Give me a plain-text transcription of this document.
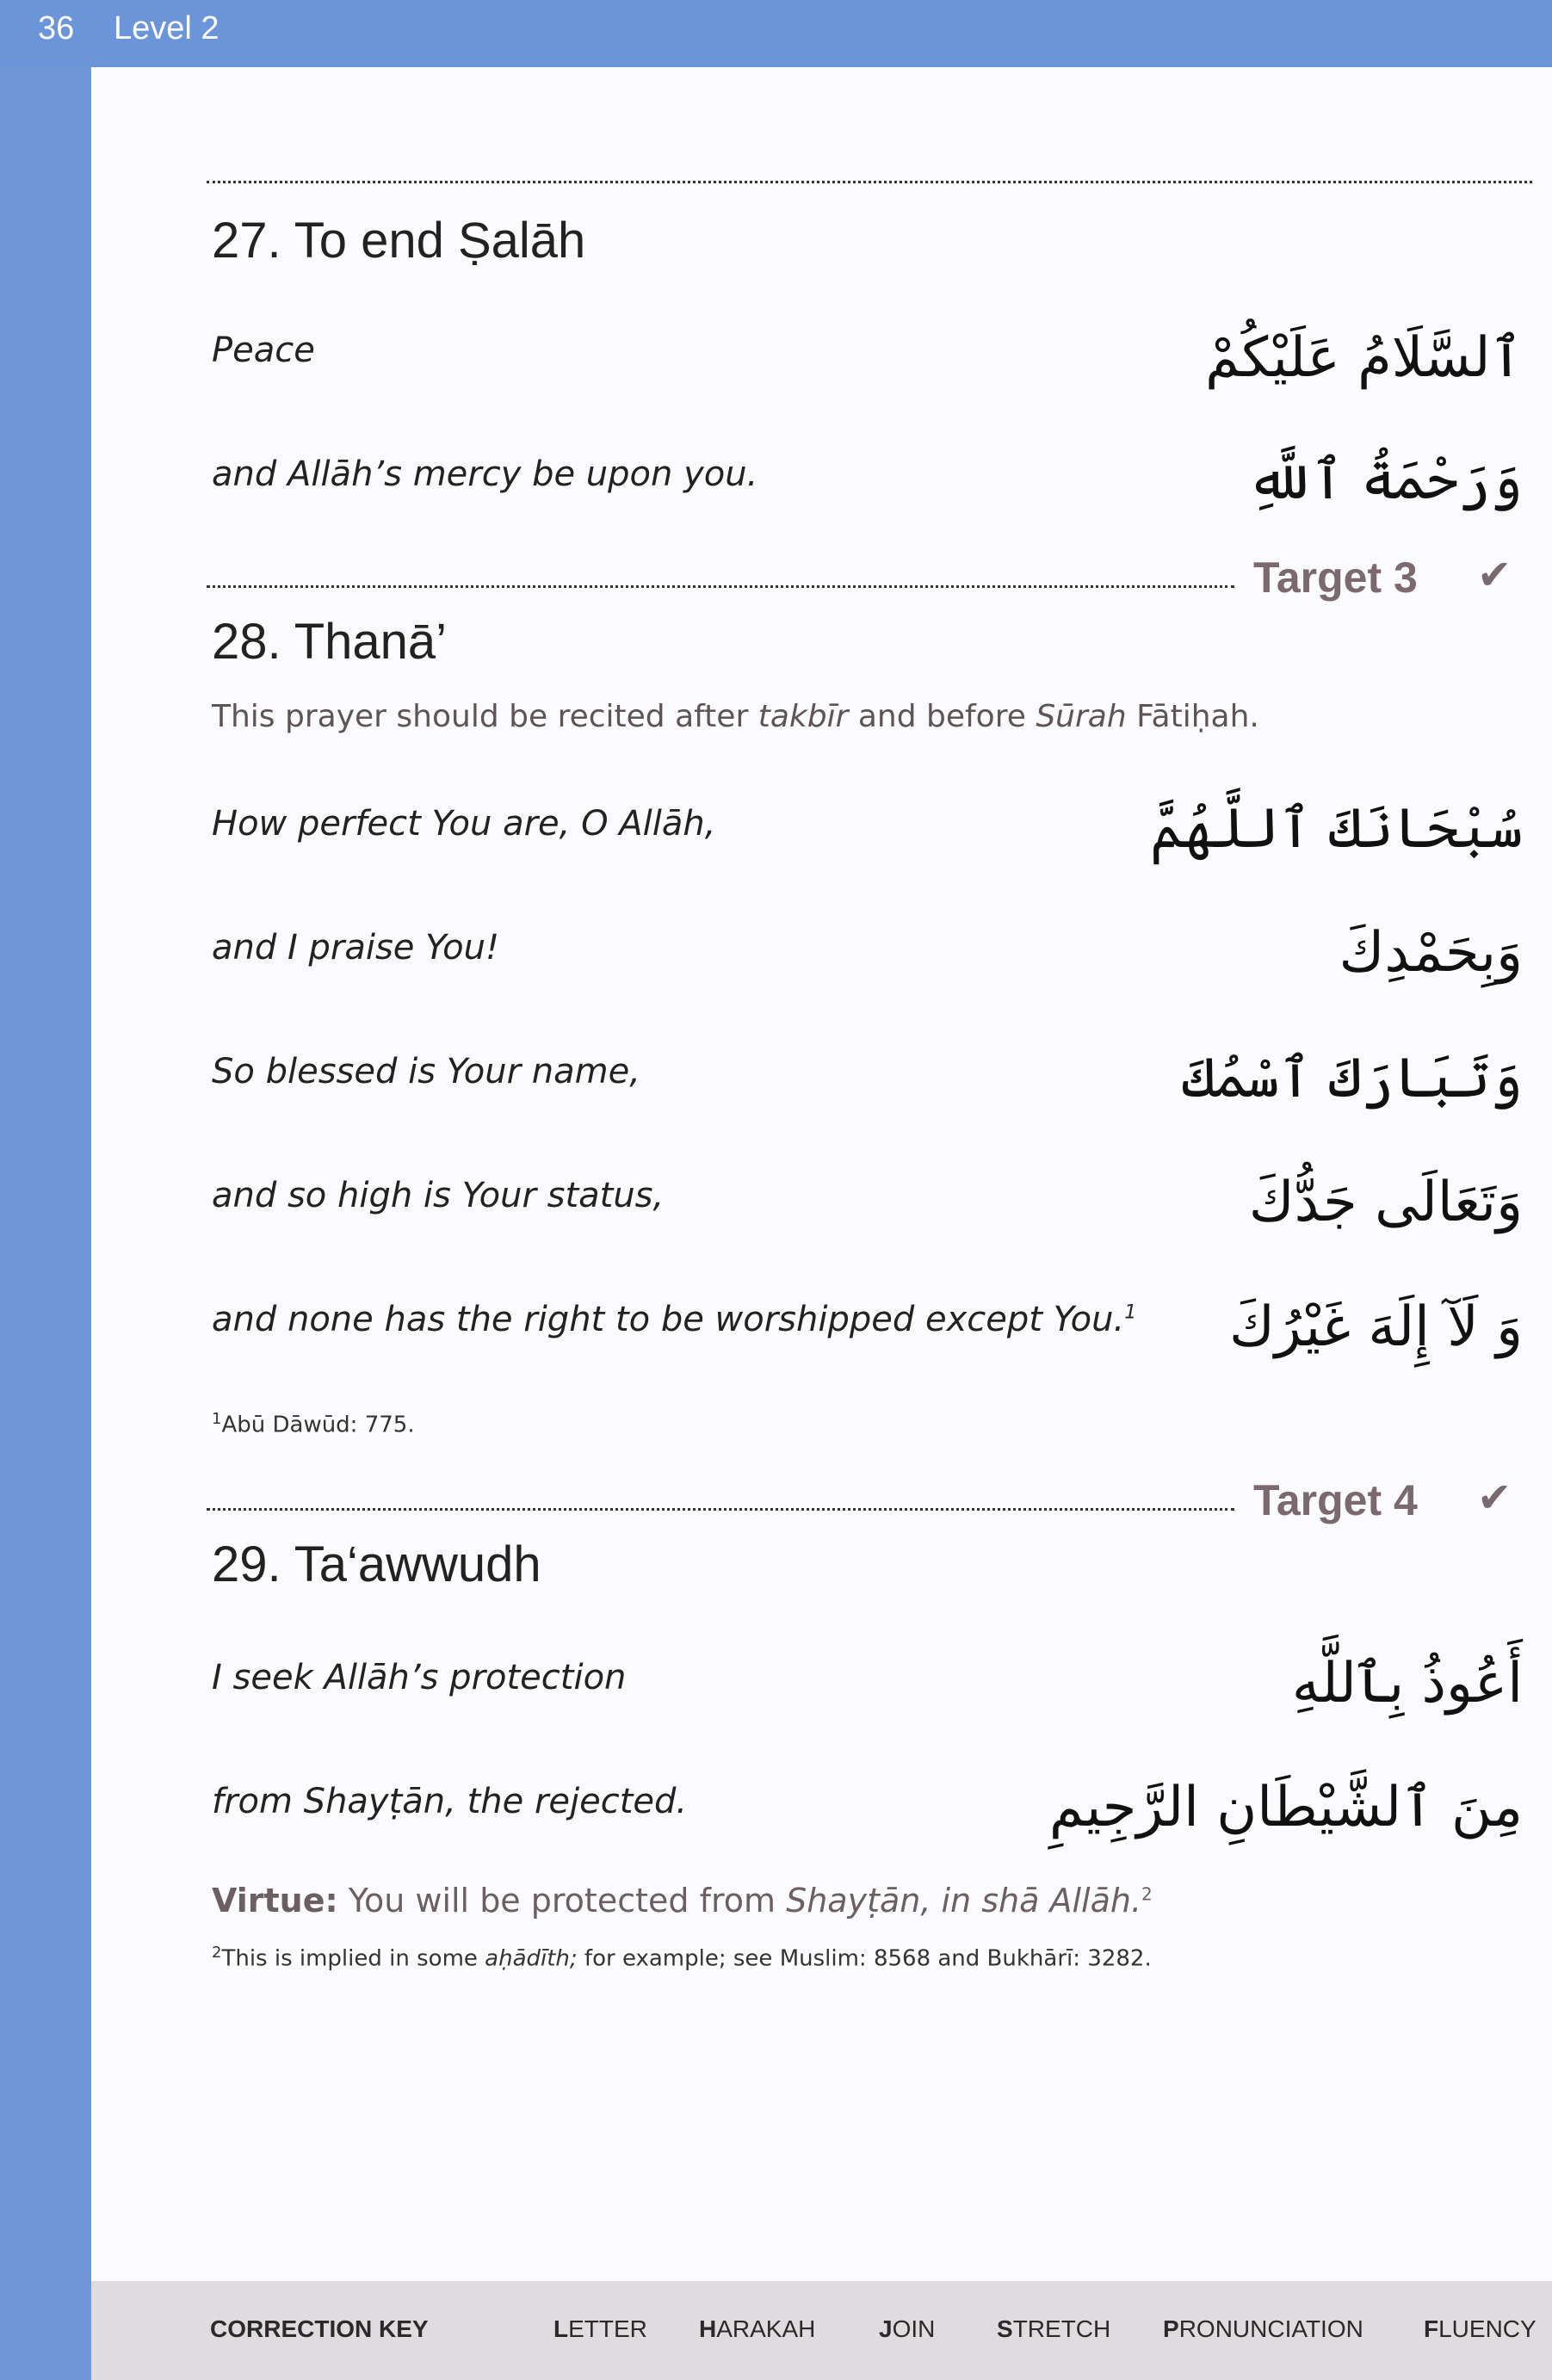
36 Level 2
27. To end Ṣalāh
Peace	ٱلسَّلَامُ عَلَيْكُمْ
and Allāh’s mercy be upon you.	وَرَحْمَةُ ٱللَّهِ
Target 3 ✔
28. Thanā’
This prayer should be recited after takbīr and before Sūrah Fātiḥah.
How perfect You are, O Allāh,	سُبْحَانَكَ ٱللَّهُمَّ
and I praise You!	وَبِحَمْدِكَ
So blessed is Your name,	وَتَبَارَكَ ٱسْمُكَ
and so high is Your status,	وَتَعَالَى جَدُّكَ
and none has the right to be worshipped except You.$^1$ وَ لَآ إِلَهَ غَيْرُكَ
$^1$Abū Dāwūd: 775.
Target 4 ✔
29. Ta‘awwudh
I seek Allāh’s protection	أَعُوذُ بِٱللَّهِ
from Shayṭān, the rejected.	مِنَ ٱلشَّيْطَانِ الرَّجِيمِ
Virtue: You will be protected from Shayṭān, in shā Allāh.$^2$
$^2$This is implied in some aḥādīth; for example; see Muslim: 8568 and Bukhārī: 3282.
CORRECTION KEY	LETTER HARAKAH	JOIN	STRETCH PRONUNCIATION	FLUENCY
